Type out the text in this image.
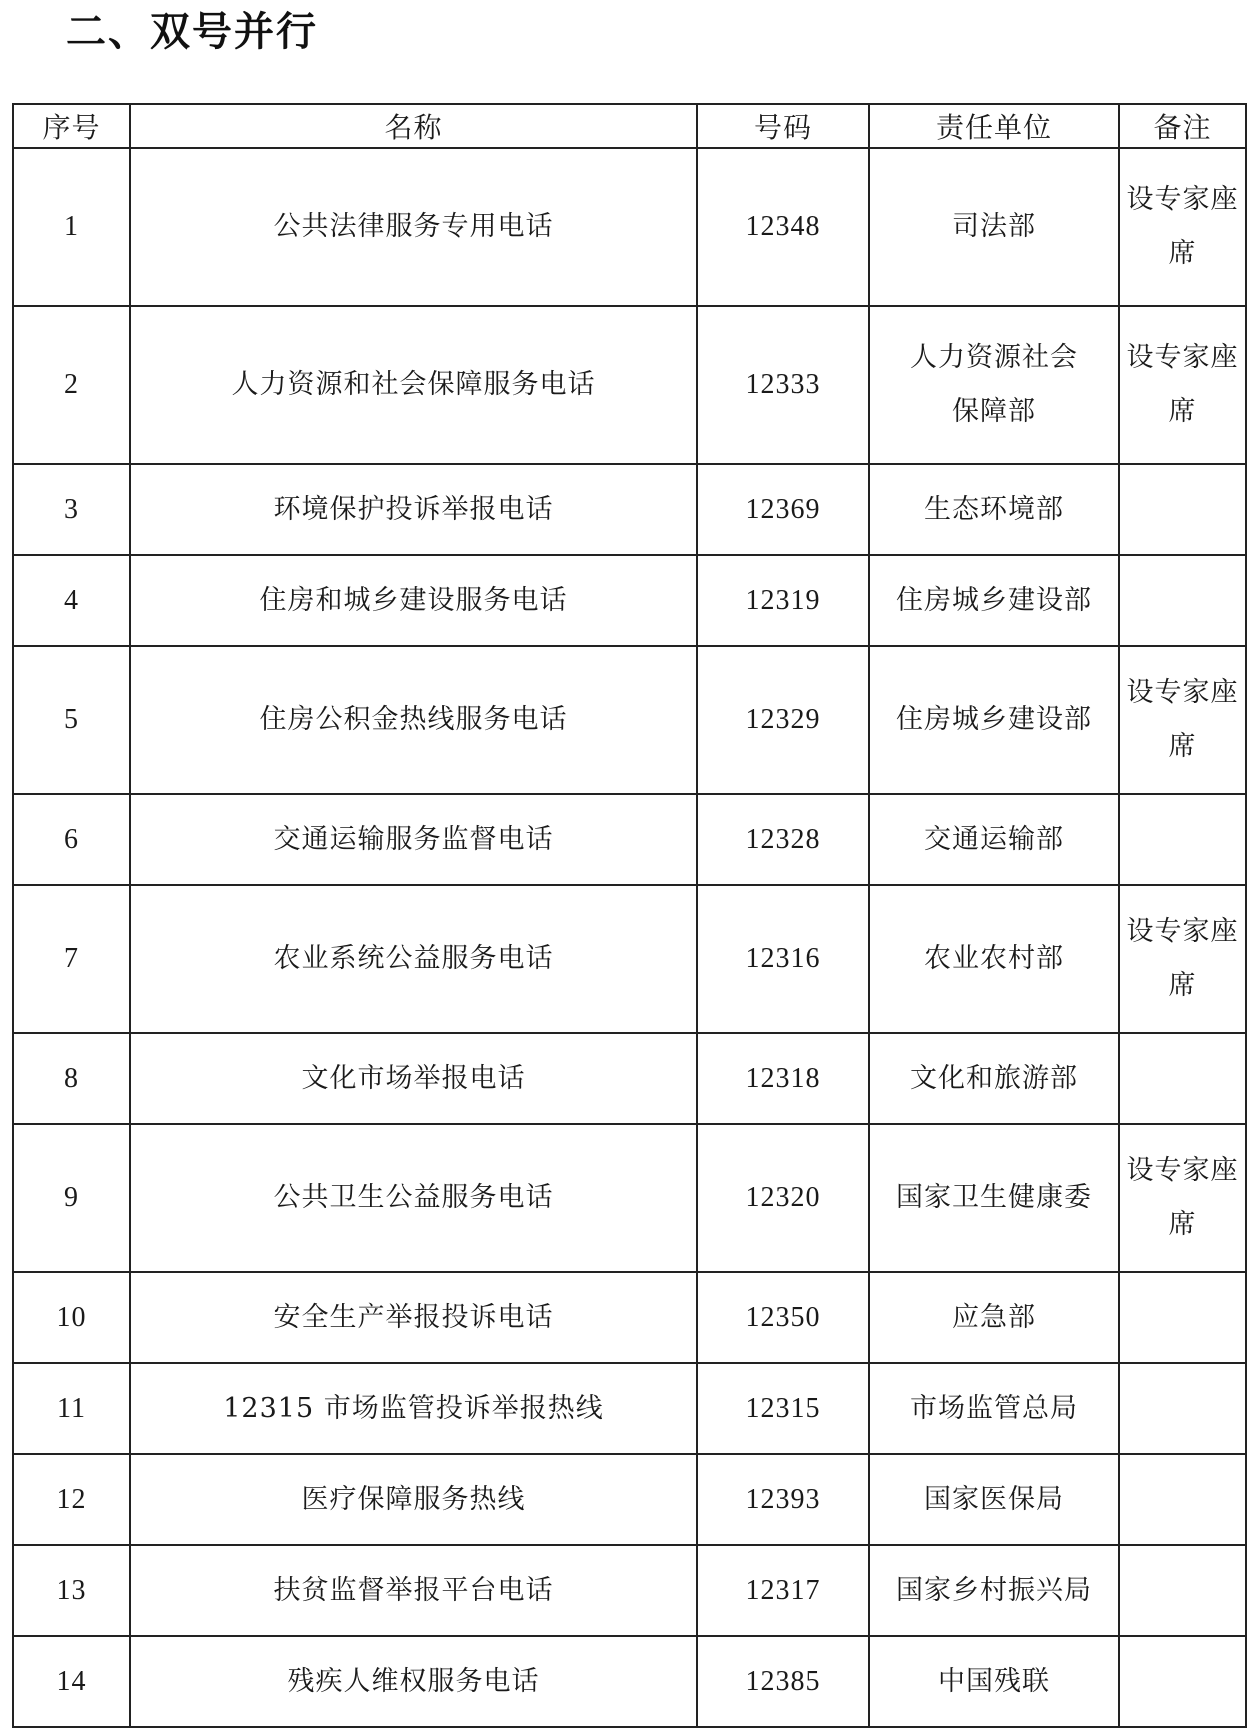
二、双号并行
序号	名称	号码	责任单位	备注
1	公共法律服务专用电话	12348	司法部	设专家座席
2	人力资源和社会保障服务电话	12333	人力资源社会保障部	设专家座席
3	环境保护投诉举报电话	12369	生态环境部	
4	住房和城乡建设服务电话	12319	住房城乡建设部	
5	住房公积金热线服务电话	12329	住房城乡建设部	设专家座席
6	交通运输服务监督电话	12328	交通运输部	
7	农业系统公益服务电话	12316	农业农村部	设专家座席
8	文化市场举报电话	12318	文化和旅游部	
9	公共卫生公益服务电话	12320	国家卫生健康委	设专家座席
10	安全生产举报投诉电话	12350	应急部	
11	12315 市场监管投诉举报热线	12315	市场监管总局	
12	医疗保障服务热线	12393	国家医保局	
13	扶贫监督举报平台电话	12317	国家乡村振兴局	
14	残疾人维权服务电话	12385	中国残联	
